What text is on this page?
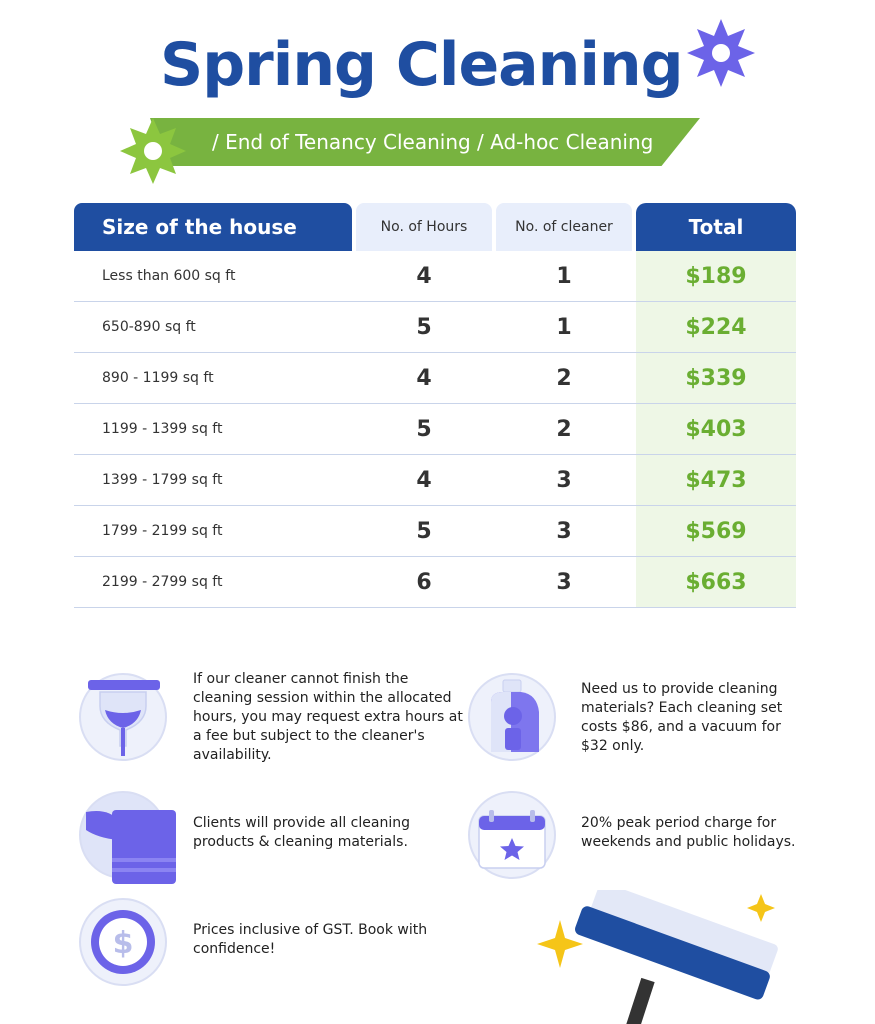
Spring Cleaning
/ End of Tenancy Cleaning / Ad-hoc Cleaning
Size of the house	No. of Hours	No. of cleaner	Total
Less than 600 sq ft	4	1	$189
650-890 sq ft	5	1	$224
890 - 1199 sq ft	4	2	$339
1199 - 1399 sq ft	5	2	$403
1399 - 1799 sq ft	4	3	$473
1799 - 2199 sq ft	5	3	$569
2199 - 2799 sq ft	6	3	$663
If our cleaner cannot finish the cleaning session within the allocated hours, you may request extra hours at a fee but subject to the cleaner's availability.
Need us to provide cleaning materials? Each cleaning set costs $86, and a vacuum for $32 only.
Clients will provide all cleaning products & cleaning materials.
20% peak period charge for weekends and public holidays.
$	Prices inclusive of GST. Book with confidence!
